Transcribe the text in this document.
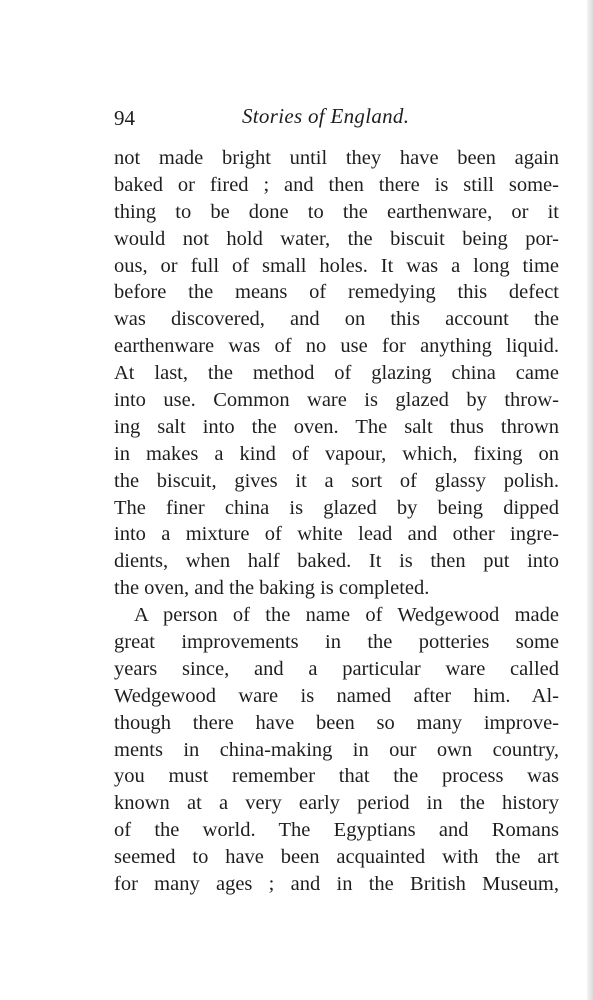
94	Stories of England.
not made bright until they have been again
baked or fired ; and then there is still some-
thing to be done to the earthenware, or it
would not hold water, the biscuit being por-
ous, or full of small holes. It was a long time
before the means of remedying this defect
was discovered, and on this account the
earthenware was of no use for anything liquid.
At last, the method of glazing china came
into use. Common ware is glazed by throw-
ing salt into the oven. The salt thus thrown
in makes a kind of vapour, which, fixing on
the biscuit, gives it a sort of glassy polish.
The finer china is glazed by being dipped
into a mixture of white lead and other ingre-
dients, when half baked. It is then put into
the oven, and the baking is completed.
A person of the name of Wedgewood made
great improvements in the potteries some
years since, and a particular ware called
Wedgewood ware is named after him. Al-
though there have been so many improve-
ments in china-making in our own country,
you must remember that the process was
known at a very early period in the history
of the world. The Egyptians and Romans
seemed to have been acquainted with the art
for many ages ; and in the British Museum,
